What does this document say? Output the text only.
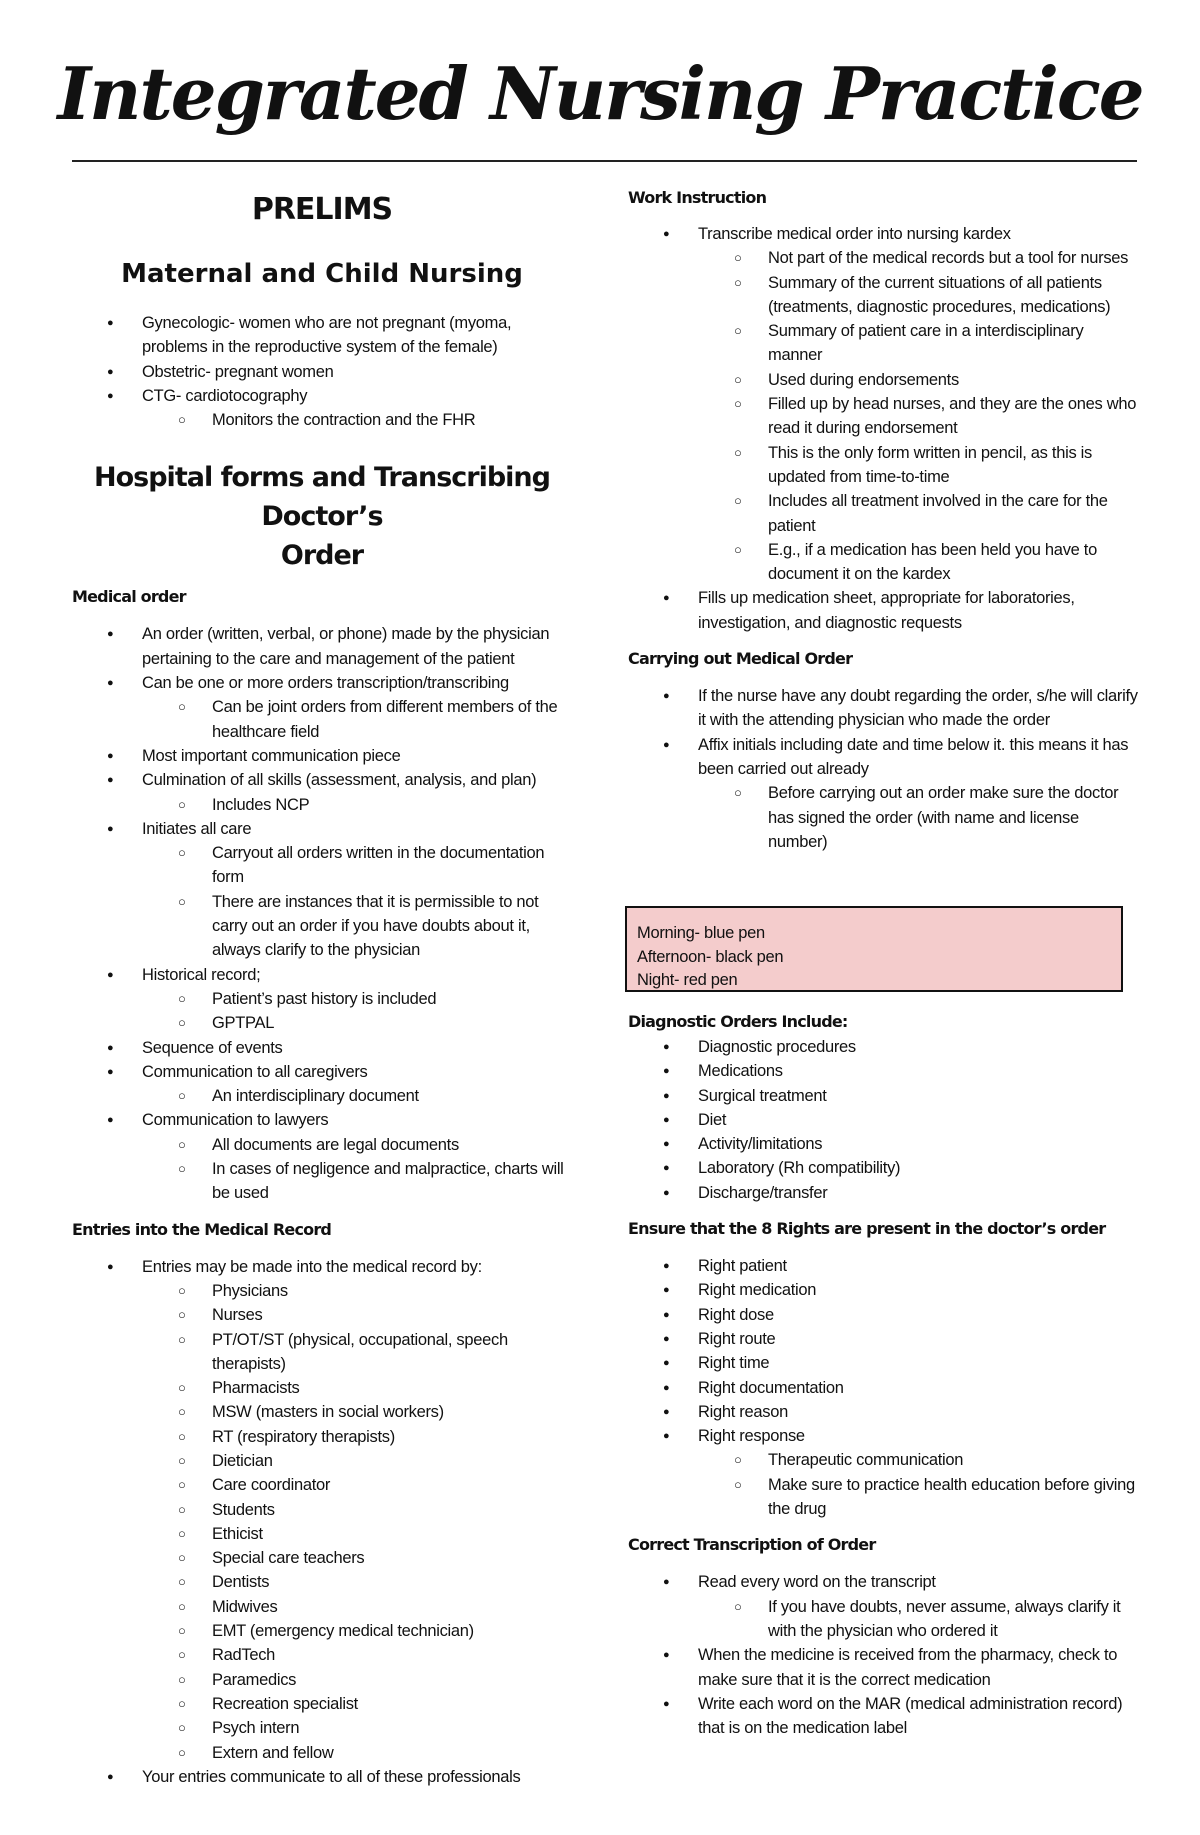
Integrated Nursing Practice
PRELIMS
Maternal and Child Nursing
● Gynecologic- women who are not pregnant (myoma, problems in the reproductive system of the female)
● Obstetric- pregnant women
● CTG- cardiotocography
○ Monitors the contraction and the FHR
Hospital forms and Transcribing Doctor’s
Order

Medical order

● An order (written, verbal, or phone) made by the physician pertaining to the care and management of the patient
● Can be one or more orders transcription/transcribing
○ Can be joint orders from different members of the healthcare field
● Most important communication piece
● Culmination of all skills (assessment, analysis, and plan)
○ Includes NCP
● Initiates all care
○ Carryout all orders written in the documentation form
○ There are instances that it is permissible to not carry out an order if you have doubts about it, always clarify to the physician
● Historical record;
○ Patient’s past history is included
○ GPTPAL
● Sequence of events
● Communication to all caregivers
○ An interdisciplinary document
● Communication to lawyers
○ All documents are legal documents
○ In cases of negligence and malpractice, charts will be used

Entries into the Medical Record

● Entries may be made into the medical record by:
○ Physicians
○ Nurses
○ PT/OT/ST (physical, occupational, speech therapists)
○ Pharmacists
○ MSW (masters in social workers)
○ RT (respiratory therapists)
○ Dietician
○ Care coordinator
○ Students
○ Ethicist
○ Special care teachers
○ Dentists
○ Midwives
○ EMT (emergency medical technician)
○ RadTech
○ Paramedics
○ Recreation specialist
○ Psych intern
○ Extern and fellow
● Your entries communicate to all of these professionals

Work Instruction

● Transcribe medical order into nursing kardex
○ Not part of the medical records but a tool for nurses
○ Summary of the current situations of all patients (treatments, diagnostic procedures, medications)
○ Summary of patient care in a interdisciplinary manner
○ Used during endorsements
○ Filled up by head nurses, and they are the ones who read it during endorsement
○ This is the only form written in pencil, as this is updated from time-to-time
○ Includes all treatment involved in the care for the patient
○ E.g., if a medication has been held you have to document it on the kardex
● Fills up medication sheet, appropriate for laboratories, investigation, and diagnostic requests

Carrying out Medical Order

● If the nurse have any doubt regarding the order, s/he will clarify it with the attending physician who made the order
● Affix initials including date and time below it. this means it has been carried out already
○ Before carrying out an order make sure the doctor has signed the order (with name and license number)
Morning- blue pen
Afternoon- black pen
Night- red pen

Diagnostic Orders Include:

● Diagnostic procedures
● Medications
● Surgical treatment
● Diet
● Activity/limitations
● Laboratory (Rh compatibility)
● Discharge/transfer

Ensure that the 8 Rights are present in the doctor’s order

● Right patient
● Right medication
● Right dose
● Right route
● Right time
● Right documentation
● Right reason
● Right response
○ Therapeutic communication
○ Make sure to practice health education before giving the drug

Correct Transcription of Order

● Read every word on the transcript
○ If you have doubts, never assume, always clarify it with the physician who ordered it
● When the medicine is received from the pharmacy, check to make sure that it is the correct medication
● Write each word on the MAR (medical administration record) that is on the medication label
